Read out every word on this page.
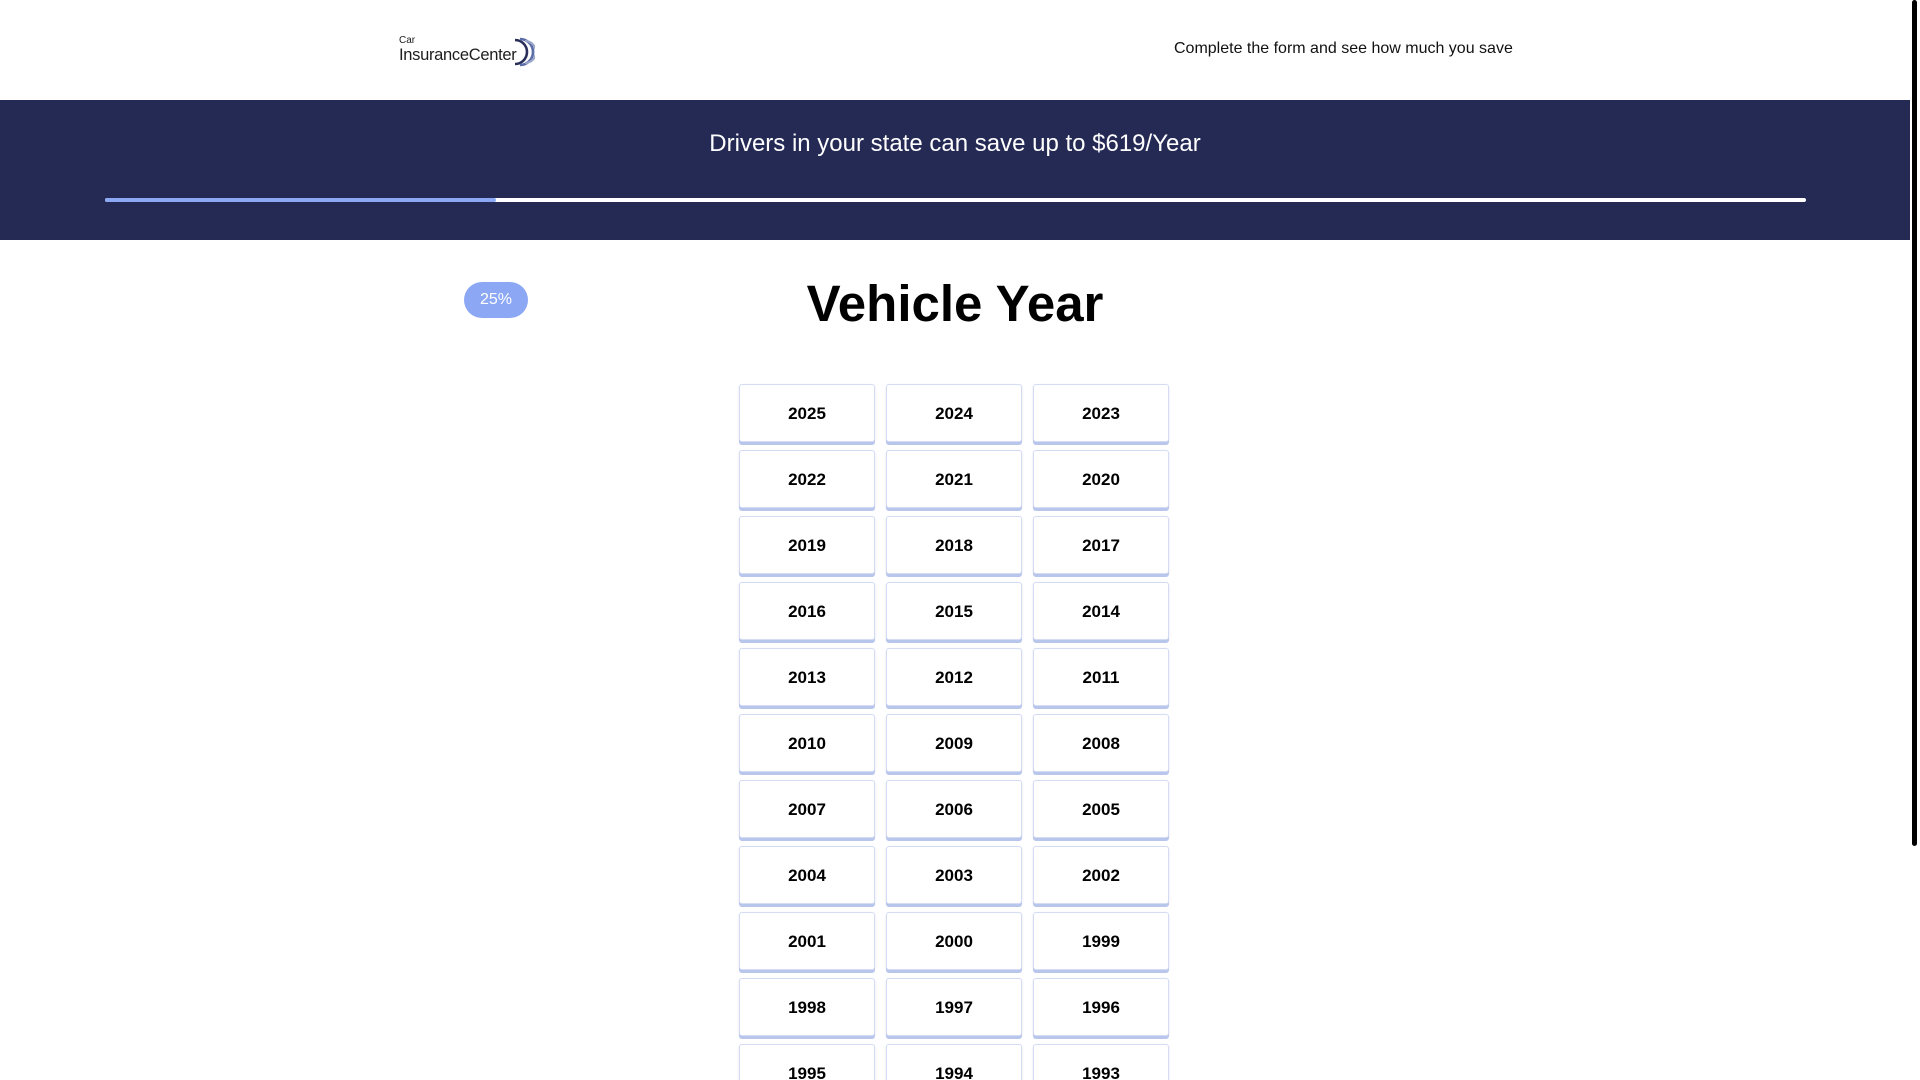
Car
InsuranceCenter	Complete the form and see how much you save
Drivers in your state can save up to $619/Year
25%	Vehicle Year
2025	2024	2023
2022	2021	2020
2019	2018	2017
2016	2015	2014
2013	2012	2011
2010	2009	2008
2007	2006	2005
2004	2003	2002
2001	2000	1999
1998	1997	1996
1995	1994	1993
